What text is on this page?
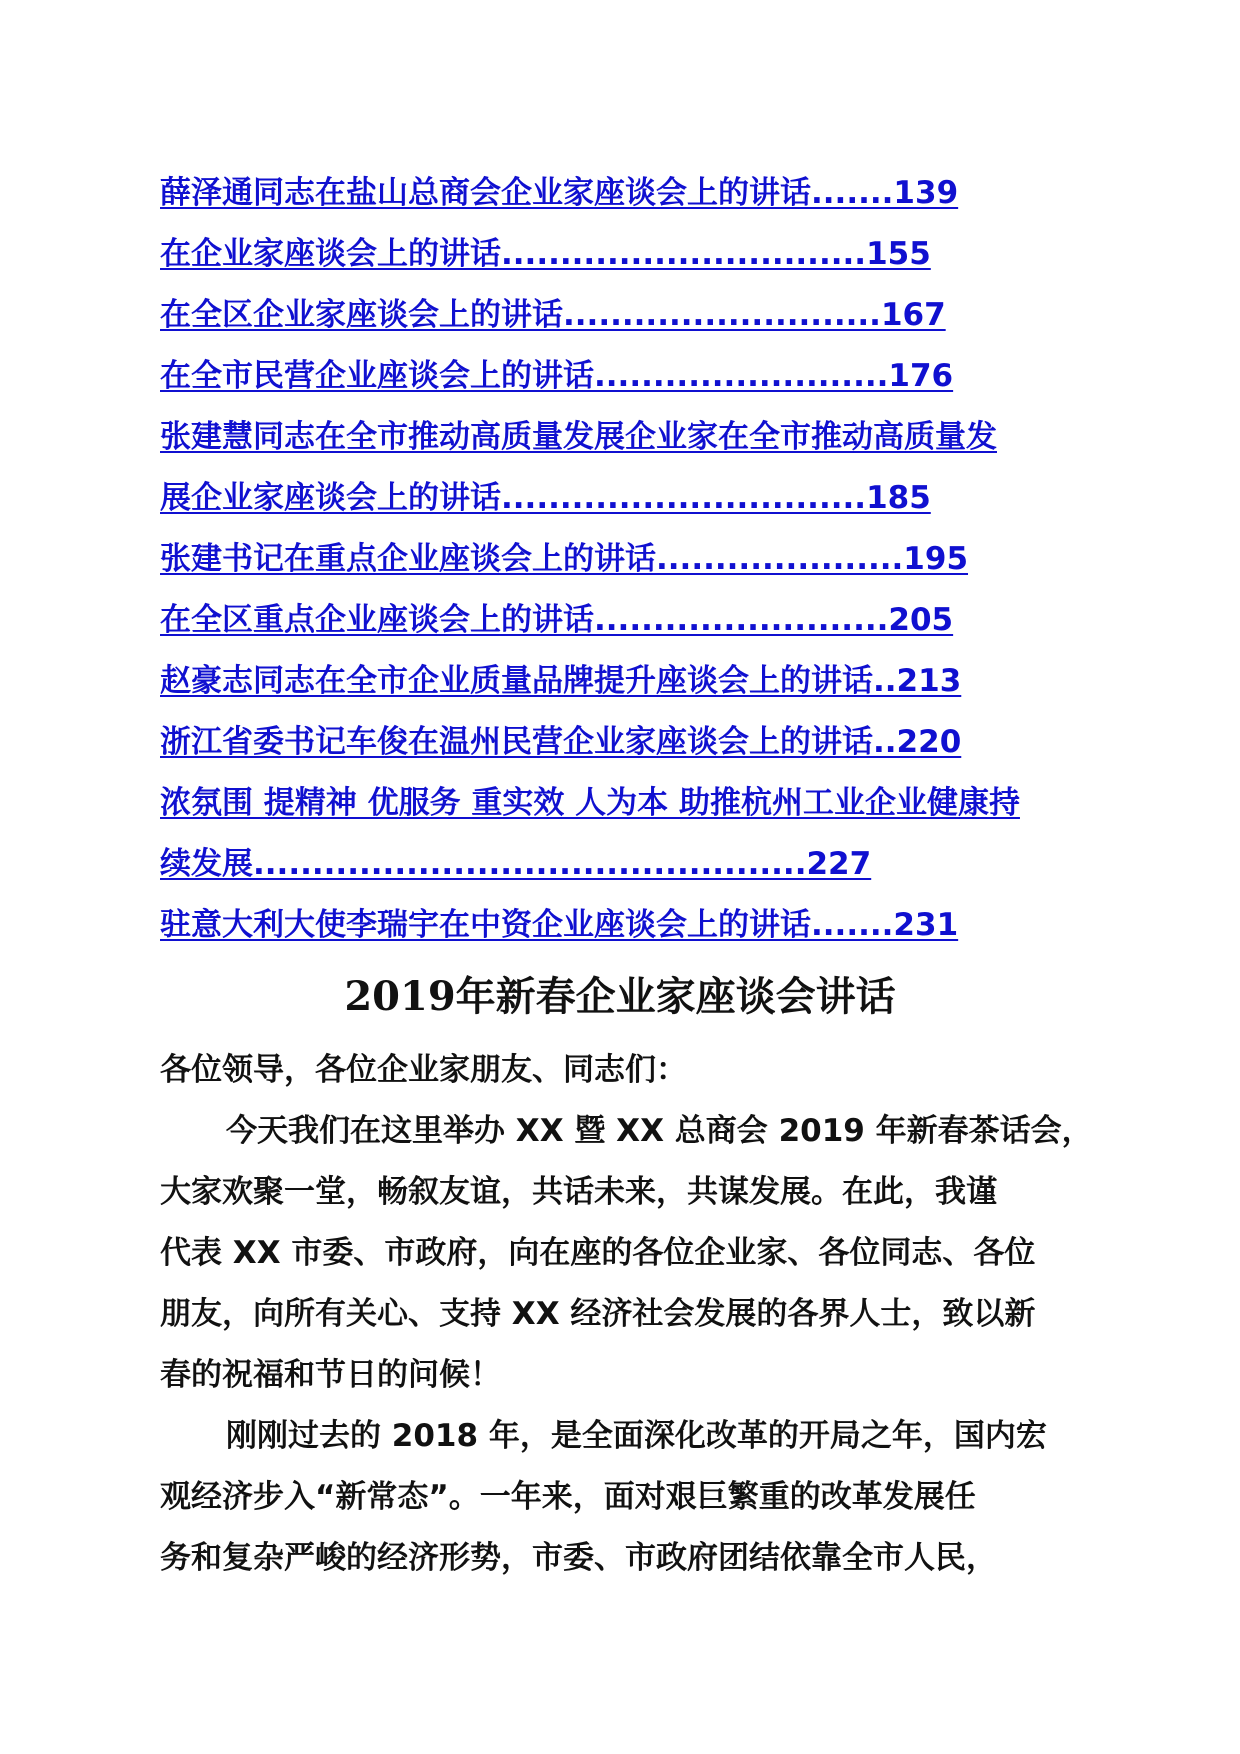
薛泽通同志在盐山总商会企业家座谈会上的讲话.......139
在企业家座谈会上的讲话...............................155
在全区企业家座谈会上的讲话...........................167
在全市民营企业座谈会上的讲话.........................176
张建慧同志在全市推动高质量发展企业家在全市推动高质量发
展企业家座谈会上的讲话...............................185
张建书记在重点企业座谈会上的讲话.....................195
在全区重点企业座谈会上的讲话.........................205
赵豪志同志在全市企业质量品牌提升座谈会上的讲话..213
浙江省委书记车俊在温州民营企业家座谈会上的讲话..220
浓氛围 提精神 优服务 重实效 人为本 助推杭州工业企业健康持
续发展...............................................227
驻意大利大使李瑞宇在中资企业座谈会上的讲话.......231
2019年新春企业家座谈会讲话

各位领导，各位企业家朋友、同志们：

今天我们在这里举办 XX 暨 XX 总商会 2019 年新春茶话会，
大家欢聚一堂，畅叙友谊，共话未来，共谋发展。在此，我谨
代表 XX 市委、市政府，向在座的各位企业家、各位同志、各位
朋友，向所有关心、支持 XX 经济社会发展的各界人士，致以新
春的祝福和节日的问候！

刚刚过去的 2018 年，是全面深化改革的开局之年，国内宏
观经济步入“新常态”。一年来，面对艰巨繁重的改革发展任
务和复杂严峻的经济形势，市委、市政府团结依靠全市人民，
